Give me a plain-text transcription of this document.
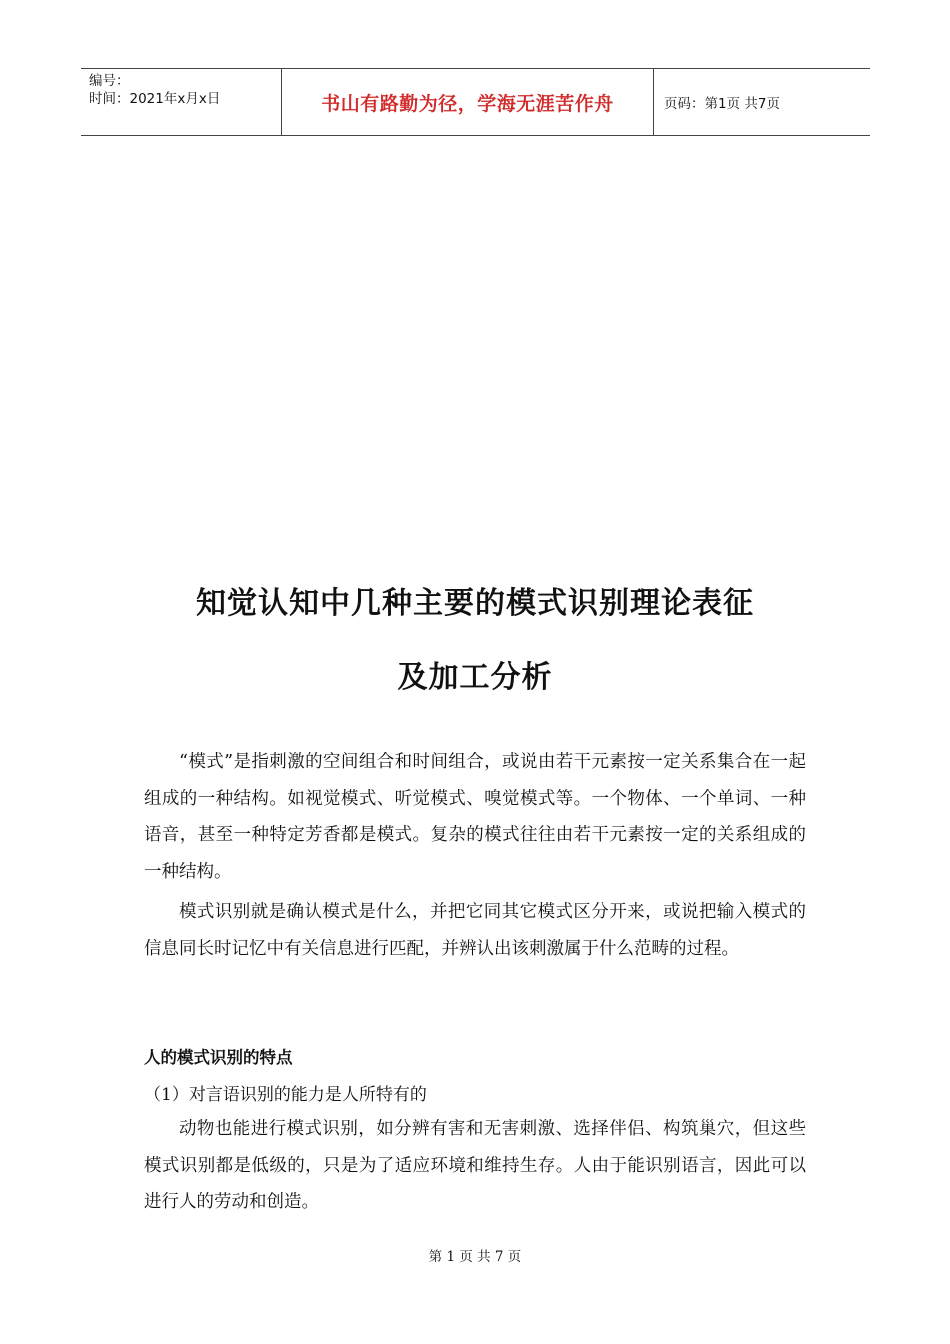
编号：
时间：2021年x月x日	书山有路勤为径，学海无涯苦作舟	页码：第1页 共7页
知觉认知中几种主要的模式识别理论表征
及加工分析
“模式”是指刺激的空间组合和时间组合，或说由若干元素按一定关系集合在一起组成的一种结构。如视觉模式、听觉模式、嗅觉模式等。一个物体、一个单词、一种语音，甚至一种特定芳香都是模式。复杂的模式往往由若干元素按一定的关系组成的一种结构。
模式识别就是确认模式是什么，并把它同其它模式区分开来，或说把输入模式的信息同长时记忆中有关信息进行匹配，并辨认出该刺激属于什么范畴的过程。
人的模式识别的特点
（1）对言语识别的能力是人所特有的
动物也能进行模式识别，如分辨有害和无害刺激、选择伴侣、构筑巢穴，但这些模式识别都是低级的，只是为了适应环境和维持生存。人由于能识别语言，因此可以进行人的劳动和创造。
第 1 页 共 7 页
